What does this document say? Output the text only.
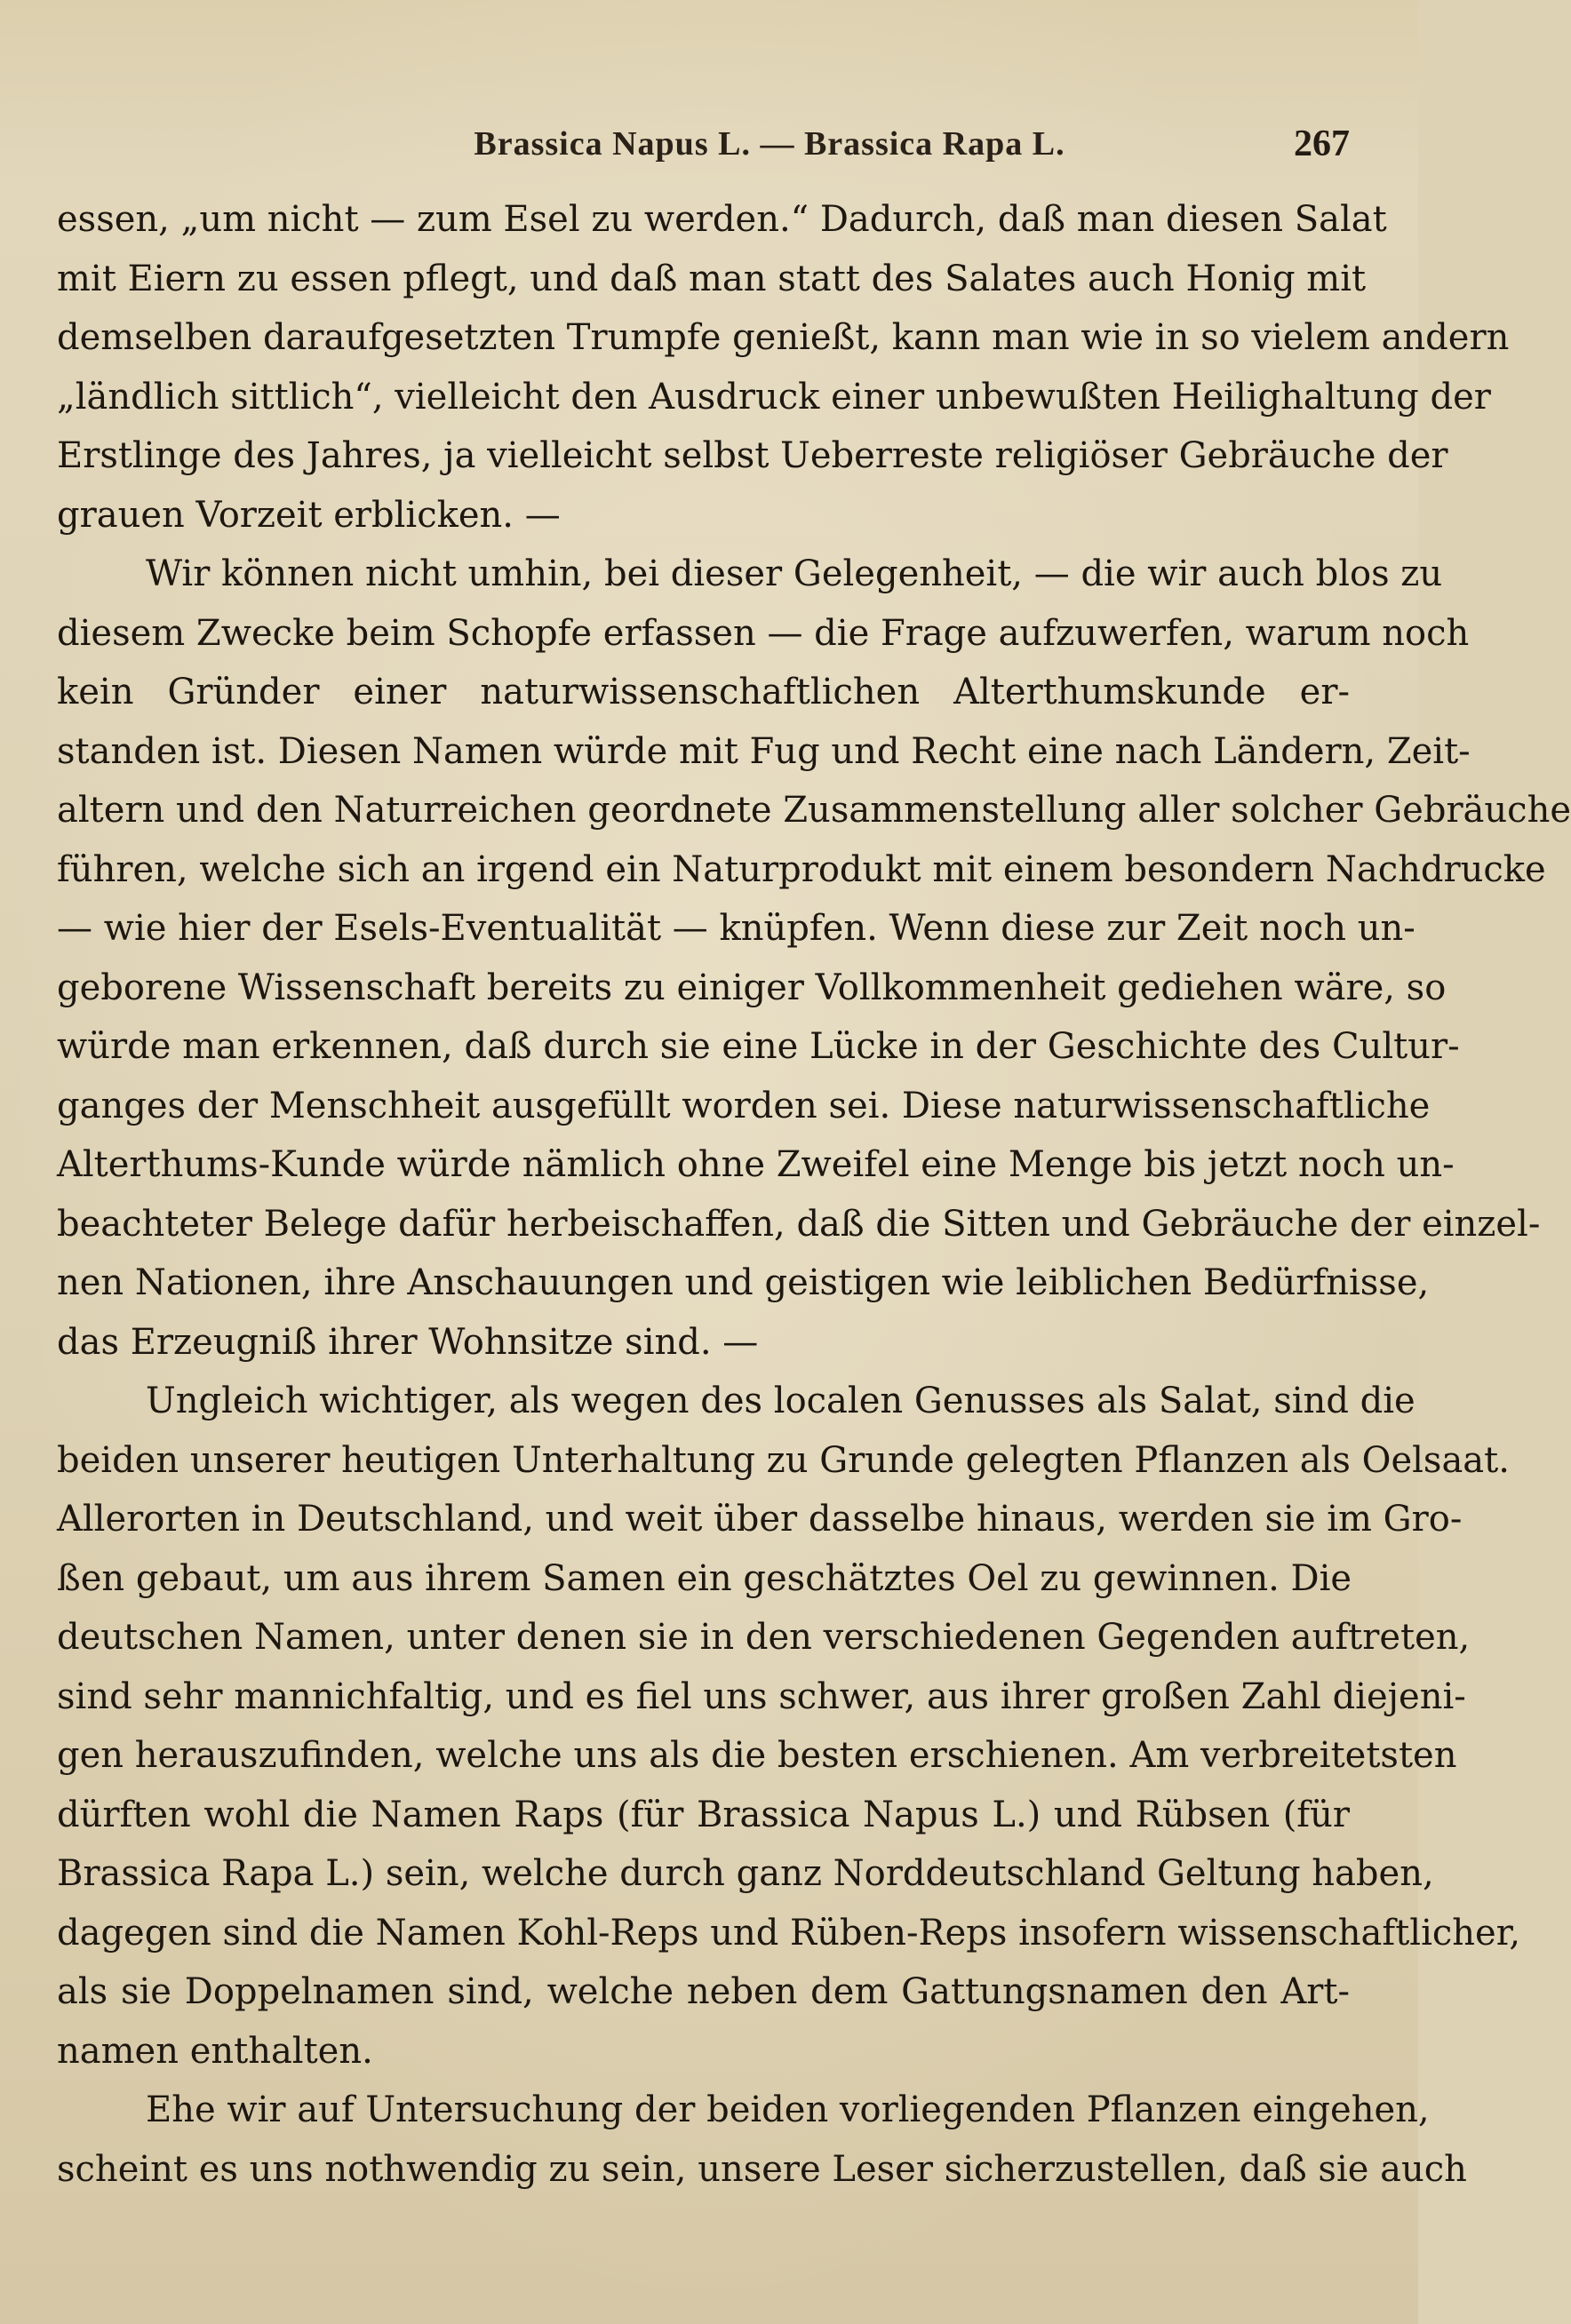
Brassica Napus L. — Brassica Rapa L.	267
essen, „um nicht — zum Esel zu werden.“ Dadurch, daß man diesen Salat
mit Eiern zu essen pflegt, und daß man statt des Salates auch Honig mit
demselben daraufgesetzten Trumpfe genießt, kann man wie in so vielem andern
„ländlich sittlich“, vielleicht den Ausdruck einer unbewußten Heilighaltung der
Erstlinge des Jahres, ja vielleicht selbst Ueberreste religiöser Gebräuche der
grauen Vorzeit erblicken. —
Wir können nicht umhin, bei dieser Gelegenheit, — die wir auch blos zu
diesem Zwecke beim Schopfe erfassen — die Frage aufzuwerfen, warum noch
kein Gründer einer naturwissenschaftlichen Alterthumskunde er-
standen ist. Diesen Namen würde mit Fug und Recht eine nach Ländern, Zeit-
altern und den Naturreichen geordnete Zusammenstellung aller solcher Gebräuche
führen, welche sich an irgend ein Naturprodukt mit einem besondern Nachdrucke
— wie hier der Esels-Eventualität — knüpfen. Wenn diese zur Zeit noch un-
geborene Wissenschaft bereits zu einiger Vollkommenheit gediehen wäre, so
würde man erkennen, daß durch sie eine Lücke in der Geschichte des Cultur-
ganges der Menschheit ausgefüllt worden sei. Diese naturwissenschaftliche
Alterthums-Kunde würde nämlich ohne Zweifel eine Menge bis jetzt noch un-
beachteter Belege dafür herbeischaffen, daß die Sitten und Gebräuche der einzel-
nen Nationen, ihre Anschauungen und geistigen wie leiblichen Bedürfnisse,
das Erzeugniß ihrer Wohnsitze sind. —
Ungleich wichtiger, als wegen des localen Genusses als Salat, sind die
beiden unserer heutigen Unterhaltung zu Grunde gelegten Pflanzen als Oelsaat.
Allerorten in Deutschland, und weit über dasselbe hinaus, werden sie im Gro-
ßen gebaut, um aus ihrem Samen ein geschätztes Oel zu gewinnen. Die
deutschen Namen, unter denen sie in den verschiedenen Gegenden auftreten,
sind sehr mannichfaltig, und es fiel uns schwer, aus ihrer großen Zahl diejeni-
gen herauszufinden, welche uns als die besten erschienen. Am verbreitetsten
dürften wohl die Namen Raps (für Brassica Napus L.) und Rübsen (für
Brassica Rapa L.) sein, welche durch ganz Norddeutschland Geltung haben,
dagegen sind die Namen Kohl-Reps und Rüben-Reps insofern wissenschaftlicher,
als sie Doppelnamen sind, welche neben dem Gattungsnamen den Art-
namen enthalten.
Ehe wir auf Untersuchung der beiden vorliegenden Pflanzen eingehen,
scheint es uns nothwendig zu sein, unsere Leser sicherzustellen, daß sie auch
